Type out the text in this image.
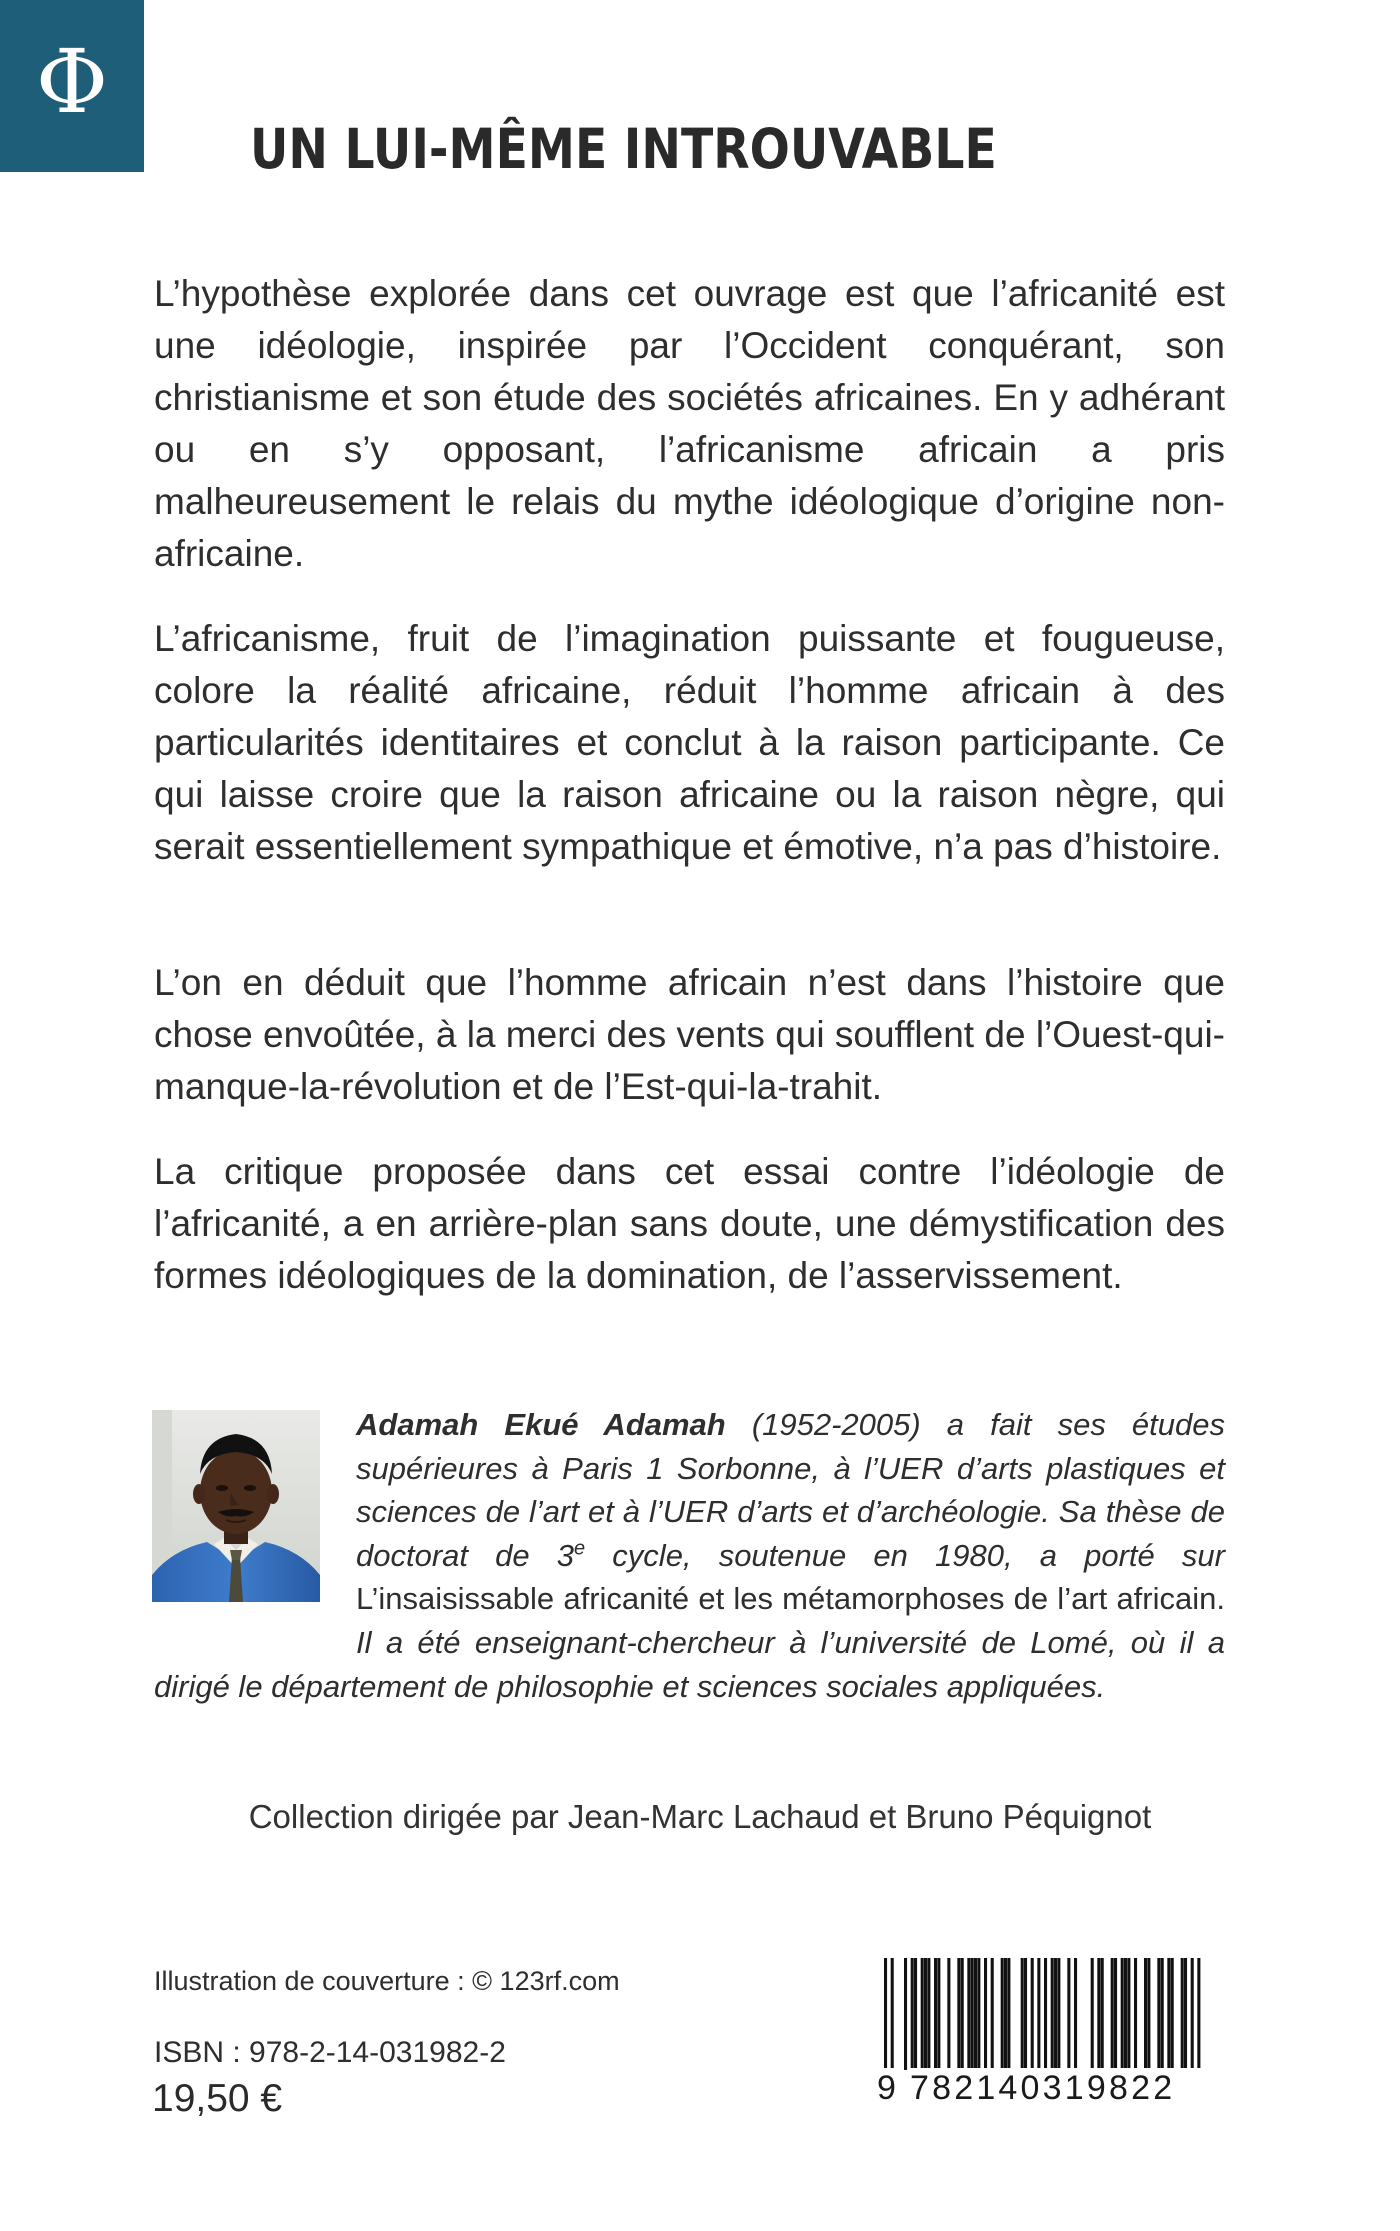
Φ
UN LUI-MÊME INTROUVABLE

L’hypothèse explorée dans cet ouvrage est que l’africanité est une idéologie, inspirée par l’Occident conquérant, son christianisme et son étude des sociétés africaines. En y adhérant ou en s’y opposant, l’africanisme africain a pris malheureusement le relais du mythe idéologique d’origine non-africaine.

L’africanisme, fruit de l’imagination puissante et fougueuse, colore la réalité africaine, réduit l’homme africain à des particularités identitaires et conclut à la raison participante. Ce qui laisse croire que la raison africaine ou la raison nègre, qui serait essentiellement sympathique et émotive, n’a pas d’histoire.

L’on en déduit que l’homme africain n’est dans l’histoire que chose envoûtée, à la merci des vents qui soufflent de l’Ouest-qui-manque-la-révolution et de l’Est-qui-la-trahit.

La critique proposée dans cet essai contre l’idéologie de l’africanité, a en arrière-plan sans doute, une démystification des formes idéologiques de la domination, de l’asservissement.

Adamah Ekué Adamah (1952-2005) a fait ses études supérieures à Paris 1 Sorbonne, à l’UER d’arts plastiques et sciences de l’art et à l’UER d’arts et d’archéologie. Sa thèse de doctorat de 3e cycle, soutenue en 1980, a porté sur L’insaisissable africanité et les métamorphoses de l’art africain. Il a été enseignant-chercheur à l’université de Lomé, où il a dirigé le département de philosophie et sciences sociales appliquées.

Collection dirigée par Jean-Marc Lachaud et Bruno Péquignot

Illustration de couverture : © 123rf.com

ISBN : 978-2-14-031982-2

19,50 €	9 782140319822
